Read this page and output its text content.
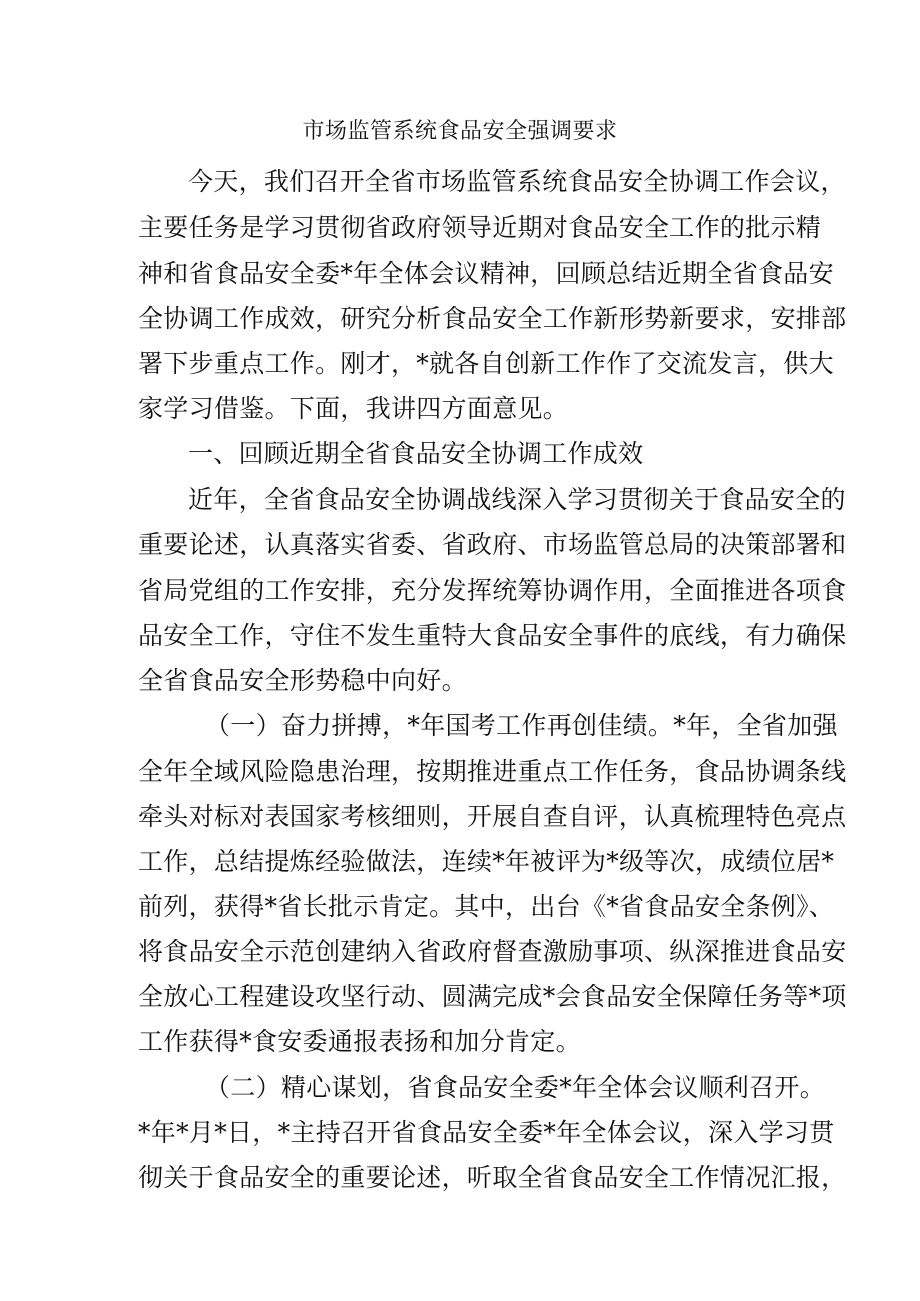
市场监管系统食品安全强调要求
今天，我们召开全省市场监管系统食品安全协调工作会议，
主要任务是学习贯彻省政府领导近期对食品安全工作的批示精
神和省食品安全委*年全体会议精神，回顾总结近期全省食品安
全协调工作成效，研究分析食品安全工作新形势新要求，安排部
署下步重点工作。刚才，*就各自创新工作作了交流发言，供大
家学习借鉴。下面，我讲四方面意见。
一、回顾近期全省食品安全协调工作成效
近年，全省食品安全协调战线深入学习贯彻关于食品安全的
重要论述，认真落实省委、省政府、市场监管总局的决策部署和
省局党组的工作安排，充分发挥统筹协调作用，全面推进各项食
品安全工作，守住不发生重特大食品安全事件的底线，有力确保
全省食品安全形势稳中向好。
（一）奋力拼搏，*年国考工作再创佳绩。*年，全省加强
全年全域风险隐患治理，按期推进重点工作任务，食品协调条线
牵头对标对表国家考核细则，开展自查自评，认真梳理特色亮点
工作，总结提炼经验做法，连续*年被评为*级等次，成绩位居*
前列，获得*省长批示肯定。其中，出台《*省食品安全条例》、
将食品安全示范创建纳入省政府督查激励事项、纵深推进食品安
全放心工程建设攻坚行动、圆满完成*会食品安全保障任务等*项
工作获得*食安委通报表扬和加分肯定。
（二）精心谋划，省食品安全委*年全体会议顺利召开。
*年*月*日，*主持召开省食品安全委*年全体会议，深入学习贯
彻关于食品安全的重要论述，听取全省食品安全工作情况汇报，
